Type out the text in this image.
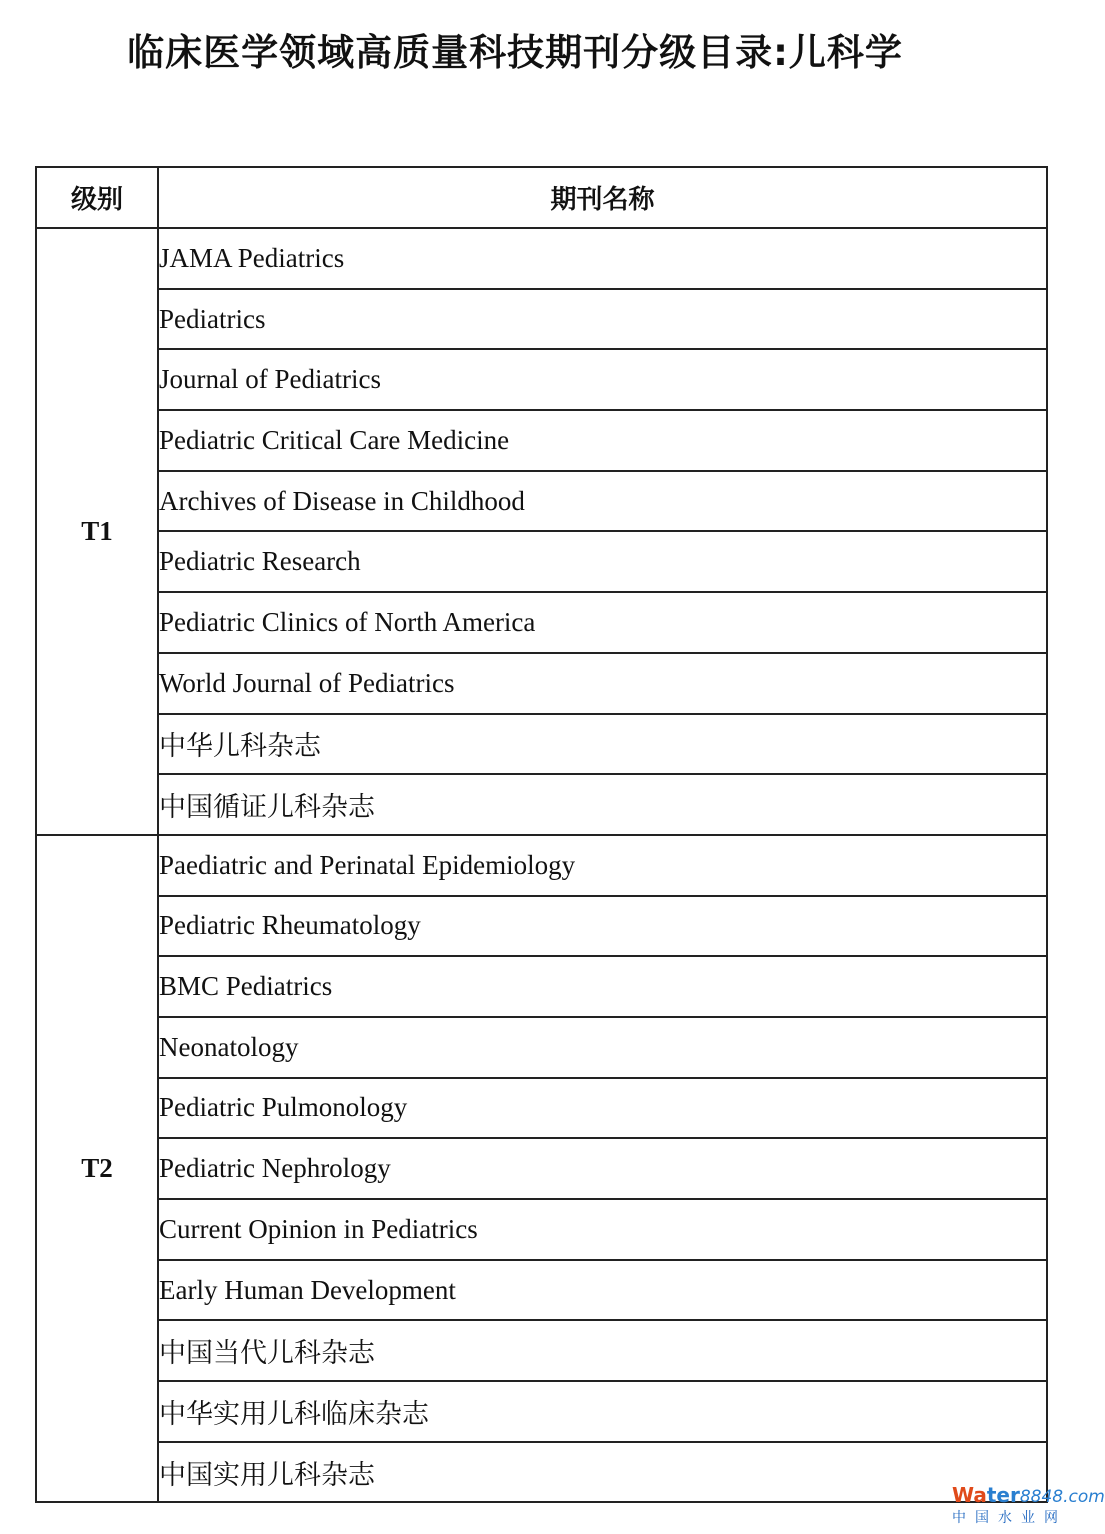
临床医学领域高质量科技期刊分级目录:儿科学
级别	期刊名称
T1	JAMA Pediatrics
	Pediatrics
	Journal of Pediatrics
	Pediatric Critical Care Medicine
	Archives of Disease in Childhood
	Pediatric Research
	Pediatric Clinics of North America
	World Journal of Pediatrics
	中华儿科杂志
	中国循证儿科杂志
T2	Paediatric and Perinatal Epidemiology
	Pediatric Rheumatology
	BMC Pediatrics
	Neonatology
	Pediatric Pulmonology
	Pediatric Nephrology
	Current Opinion in Pediatrics
	Early Human Development
	中国当代儿科杂志
	中华实用儿科临床杂志
	中国实用儿科杂志
Water8848.com
中国水业网
